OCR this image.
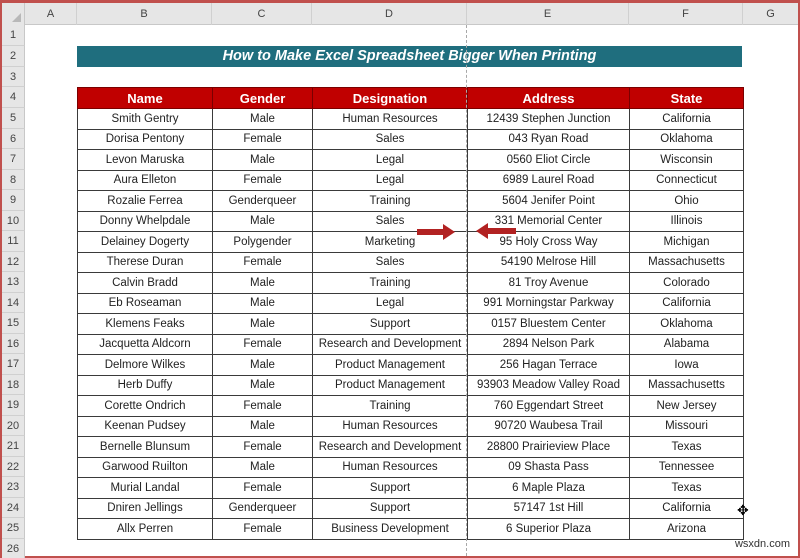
A	B	C	D	E	F	G
1
2
3
4
5
6
7
8
9
10
11
12
13
14
15
16
17
18
19
20
21
22
23
24
25
26
How to Make Excel Spreadsheet Bigger When Printing
Name	Gender	Designation	Address	State
Smith Gentry	Male	Human Resources	12439 Stephen Junction	California
Dorisa Pentony	Female	Sales	043 Ryan Road	Oklahoma
Levon Maruska	Male	Legal	0560 Eliot Circle	Wisconsin
Aura Elleton	Female	Legal	6989 Laurel Road	Connecticut
Rozalie Ferrea	Genderqueer	Training	5604 Jenifer Point	Ohio
Donny Whelpdale	Male	Sales	331 Memorial Center	Illinois
Delainey Dogerty	Polygender	Marketing	95 Holy Cross Way	Michigan
Therese Duran	Female	Sales	54190 Melrose Hill	Massachusetts
Calvin Bradd	Male	Training	81 Troy Avenue	Colorado
Eb Roseaman	Male	Legal	991 Morningstar Parkway	California
Klemens Feaks	Male	Support	0157 Bluestem Center	Oklahoma
Jacquetta Aldcorn	Female	Research and Development	2894 Nelson Park	Alabama
Delmore Wilkes	Male	Product Management	256 Hagan Terrace	Iowa
Herb Duffy	Male	Product Management	93903 Meadow Valley Road	Massachusetts
Corette Ondrich	Female	Training	760 Eggendart Street	New Jersey
Keenan Pudsey	Male	Human Resources	90720 Waubesa Trail	Missouri
Bernelle Blunsum	Female	Research and Development	28800 Prairieview Place	Texas
Garwood Ruilton	Male	Human Resources	09 Shasta Pass	Tennessee
Murial Landal	Female	Support	6 Maple Plaza	Texas
Dniren Jellings	Genderqueer	Support	57147 1st Hill	California
Allx Perren	Female	Business Development	6 Superior Plaza	Arizona
✥
wsxdn.com
